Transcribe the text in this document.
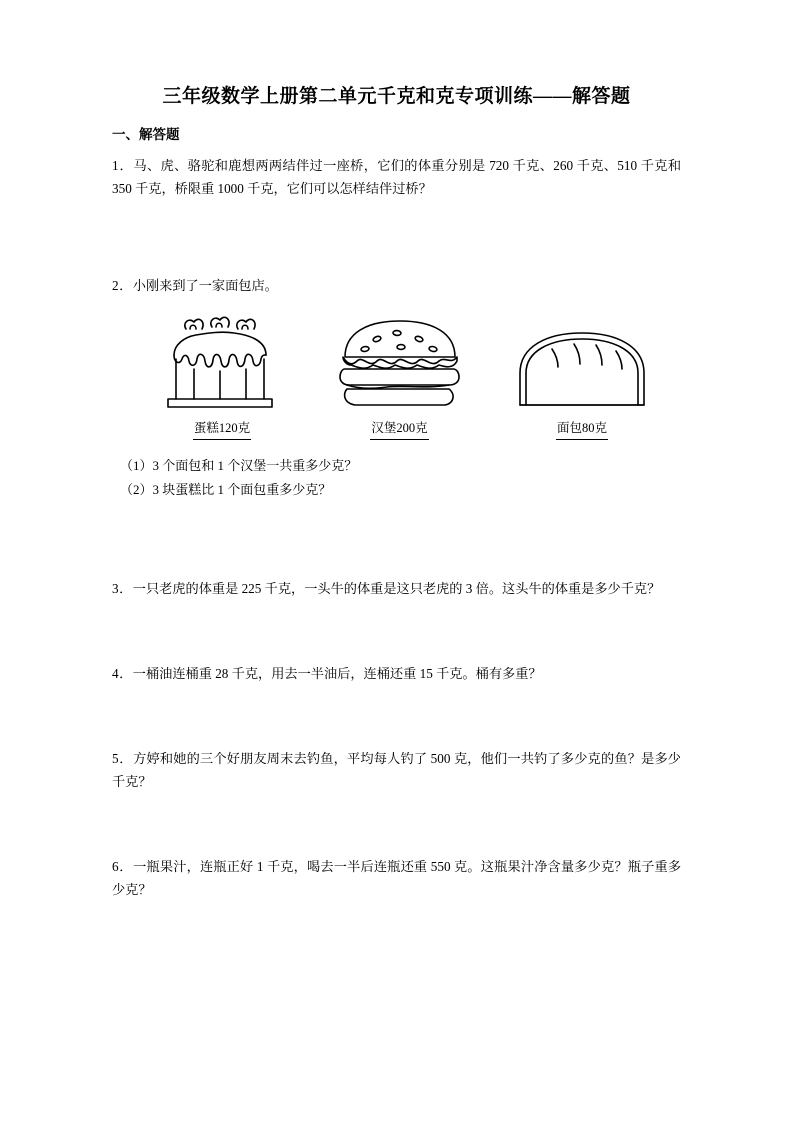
三年级数学上册第二单元千克和克专项训练——解答题
一、解答题

1．马、虎、骆驼和鹿想两两结伴过一座桥，它们的体重分别是 720 千克、260 千克、510 千克和 350 千克，桥限重 1000 千克，它们可以怎样结伴过桥？

2．小刚来到了一家面包店。

蛋糕120克	汉堡200克	面包80克

（1）3 个面包和 1 个汉堡一共重多少克？

（2）3 块蛋糕比 1 个面包重多少克？

3．一只老虎的体重是 225 千克，一头牛的体重是这只老虎的 3 倍。这头牛的体重是多少千克？

4．一桶油连桶重 28 千克，用去一半油后，连桶还重 15 千克。桶有多重？

5．方婷和她的三个好朋友周末去钓鱼，平均每人钓了 500 克，他们一共钓了多少克的鱼？是多少千克？

6．一瓶果汁，连瓶正好 1 千克，喝去一半后连瓶还重 550 克。这瓶果汁净含量多少克？瓶子重多少克？
